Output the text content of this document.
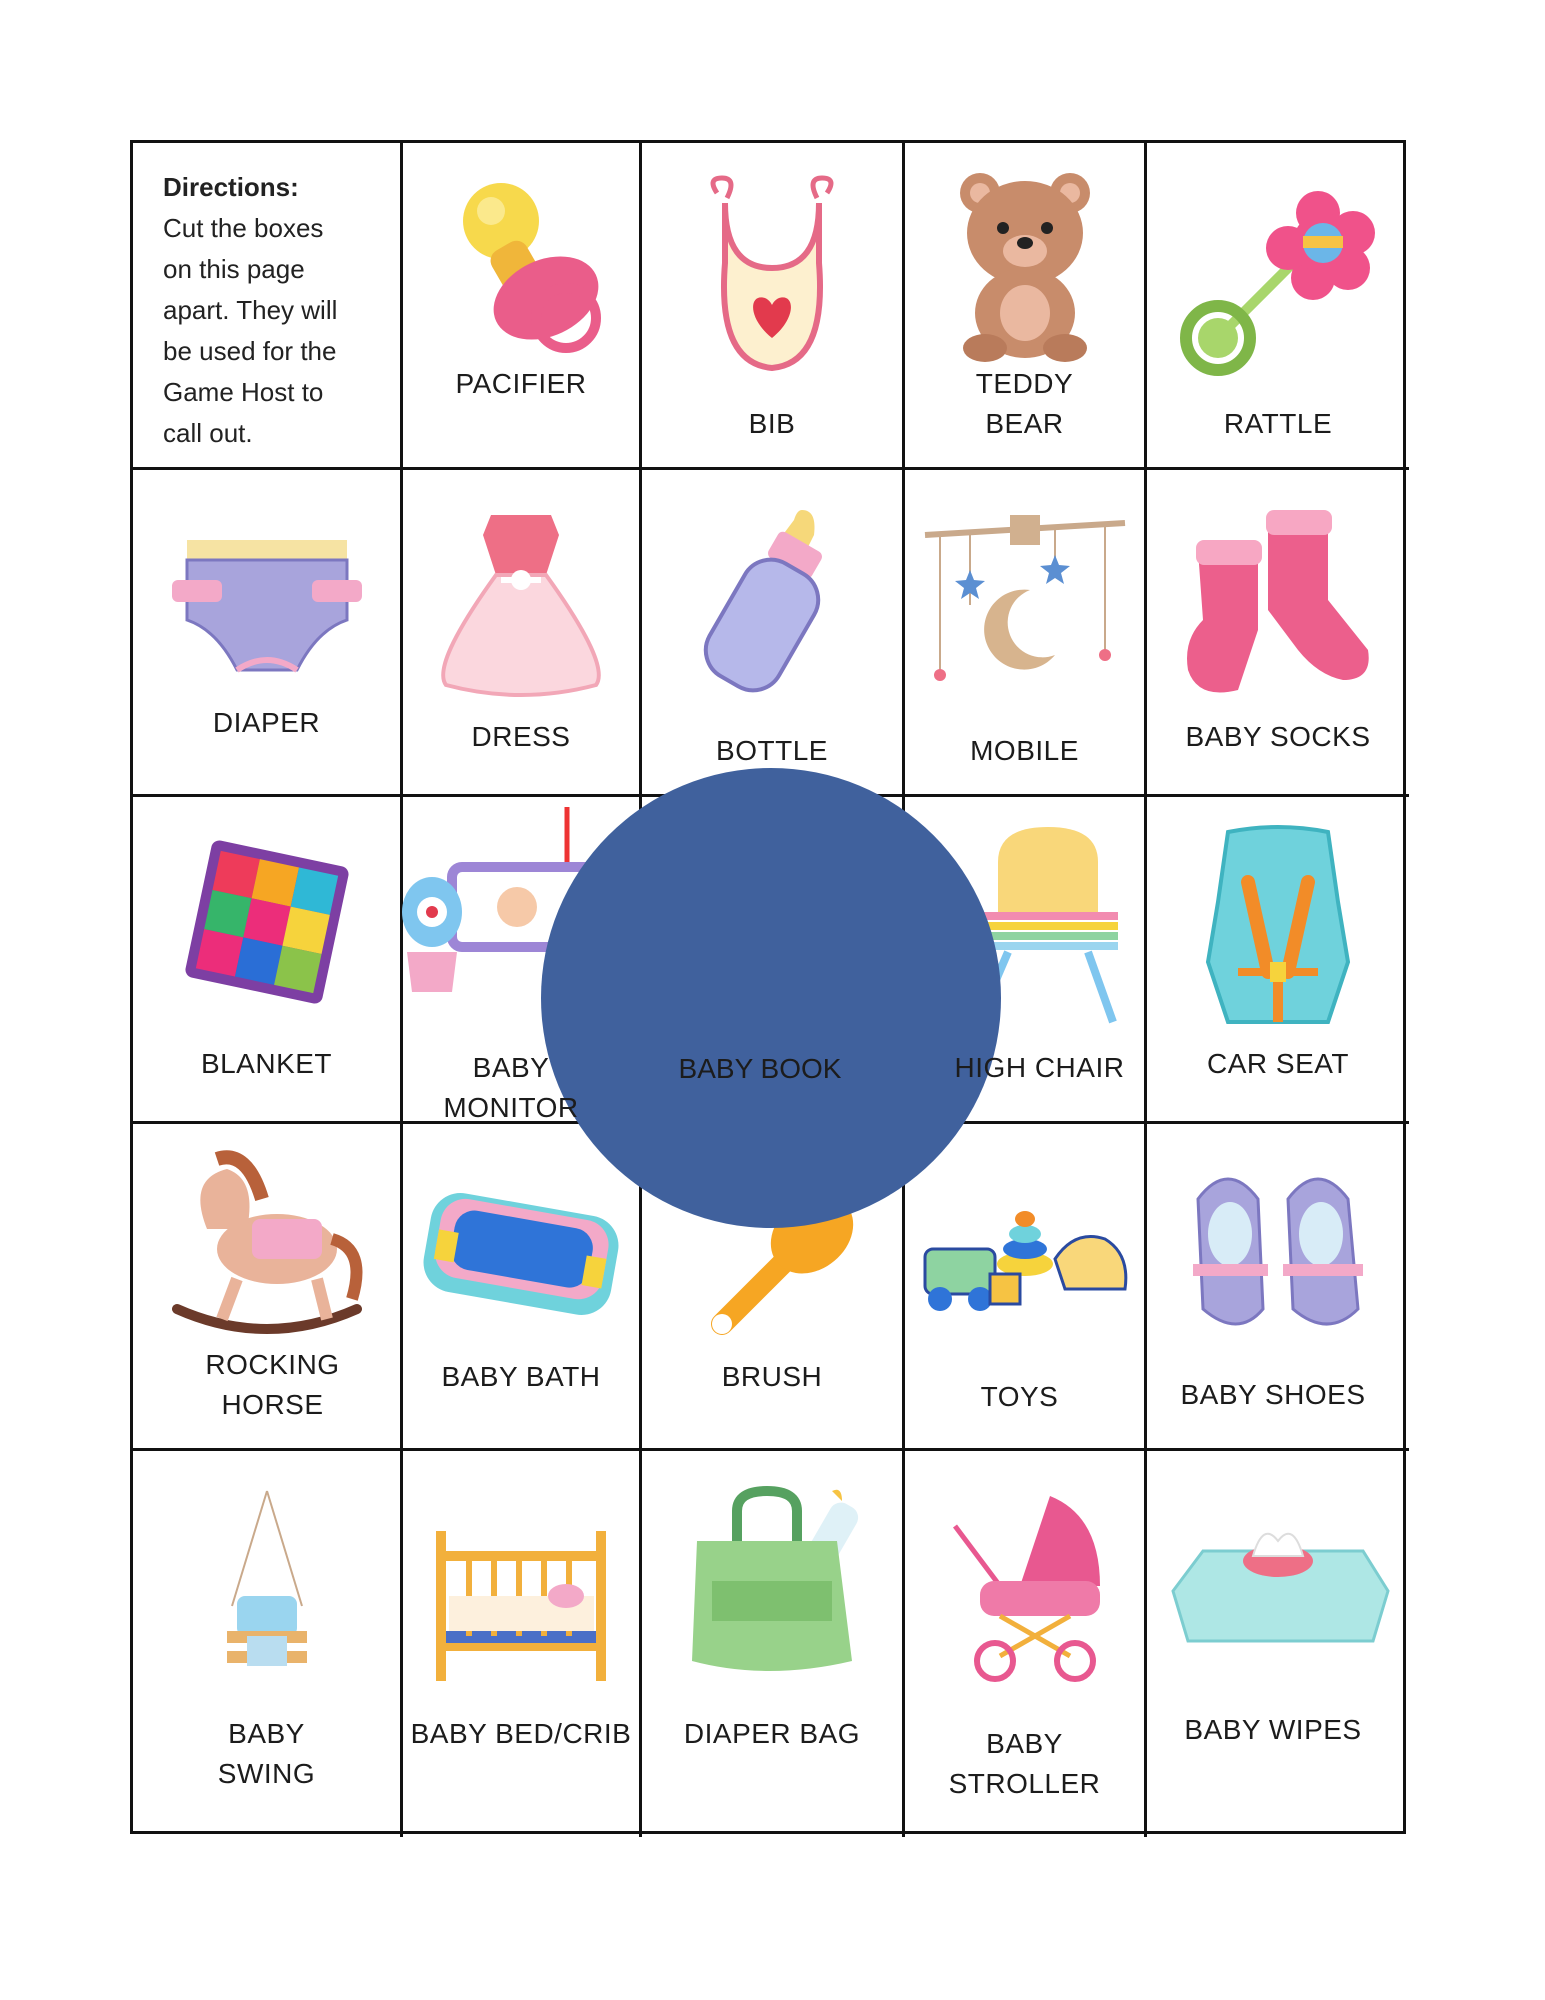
Directions:
Cut the boxes
on this page
apart. They will
be used for the
Game Host to
call out.
PACIFIER
BIB
TEDDY
BEAR	RATTLE
DIAPER	DRESS	BOTTLE	MOBILE	BABY SOCKS
BLANKET	BABY
MONITOR
HIGH CHAIR	CAR SEAT
ROCKING
HORSE
BABY BATH	BRUSH
TOYS	BABY SHOES
BABY
SWING
BABY BED/CRIB	DIAPER BAG	BABY
STROLLER
BABY WIPES
BABY BOOK
